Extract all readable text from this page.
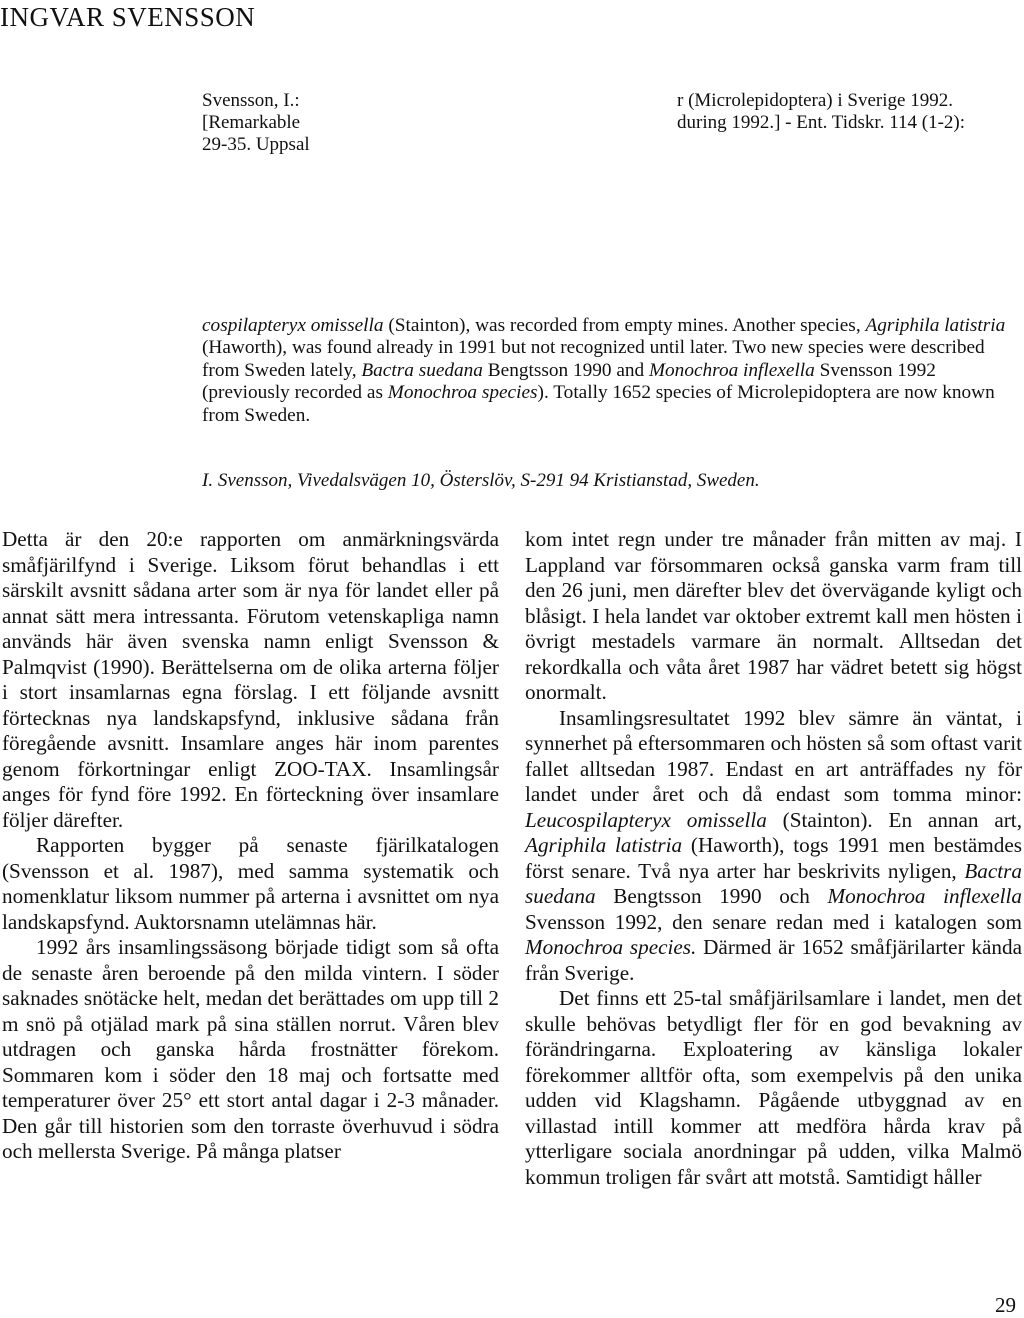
INGVAR SVENSSON
Svensson, I.:
[Remarkable
29-35. Uppsal
r (Microlepidoptera) i Sverige 1992.
during 1992.] - Ent. Tidskr. 114 (1-2):

cospilapteryx omissella (Stainton), was recorded from empty mines. Another species, Agriphila latistria (Haworth), was found already in 1991 but not recognized until later. Two new species were described from Sweden lately, Bactra suedana Bengtsson 1990 and Monochroa inflexella Svensson 1992 (previously recorded as Monochroa species). Totally 1652 species of Microlepidoptera are now known from Sweden.

I. Svensson, Vivedalsvägen 10, Österslöv, S-291 94 Kristianstad, Sweden.

Detta är den 20:e rapporten om anmärkningsvärda småfjärilfynd i Sverige. Liksom förut behandlas i ett särskilt avsnitt sådana arter som är nya för landet eller på annat sätt mera intressanta. Förutom vetenskapliga namn används här även svenska namn enligt Svensson & Palmqvist (1990). Berättelserna om de olika arterna följer i stort insamlarnas egna förslag. I ett följande avsnitt förtecknas nya landskapsfynd, inklusive sådana från föregående avsnitt. Insamlare anges här inom parentes genom förkortningar enligt ZOO-TAX. Insamlingsår anges för fynd före 1992. En förteckning över insamlare följer därefter.

Rapporten bygger på senaste fjärilkatalogen (Svensson et al. 1987), med samma systematik och nomenklatur liksom nummer på arterna i avsnittet om nya landskapsfynd. Auktorsnamn utelämnas här.

1992 års insamlingssäsong började tidigt som så ofta de senaste åren beroende på den milda vintern. I söder saknades snötäcke helt, medan det berättades om upp till 2 m snö på otjälad mark på sina ställen norrut. Våren blev utdragen och ganska hårda frostnätter förekom. Sommaren kom i söder den 18 maj och fortsatte med temperaturer över 25° ett stort antal dagar i 2-3 månader. Den går till historien som den torraste överhuvud i södra och mellersta Sverige. På många platser

kom intet regn under tre månader från mitten av maj. I Lappland var försommaren också ganska varm fram till den 26 juni, men därefter blev det övervägande kyligt och blåsigt. I hela landet var oktober extremt kall men hösten i övrigt mestadels varmare än normalt. Alltsedan det rekordkalla och våta året 1987 har vädret betett sig högst onormalt.

Insamlingsresultatet 1992 blev sämre än väntat, i synnerhet på eftersommaren och hösten så som oftast varit fallet alltsedan 1987. Endast en art anträffades ny för landet under året och då endast som tomma minor: Leucospilapteryx omissella (Stainton). En annan art, Agriphila latistria (Haworth), togs 1991 men bestämdes först senare. Två nya arter har beskrivits nyligen, Bactra suedana Bengtsson 1990 och Monochroa inflexella Svensson 1992, den senare redan med i katalogen som Monochroa species. Därmed är 1652 småfjärilarter kända från Sverige.

Det finns ett 25-tal småfjärilsamlare i landet, men det skulle behövas betydligt fler för en god bevakning av förändringarna. Exploatering av känsliga lokaler förekommer alltför ofta, som exempelvis på den unika udden vid Klagshamn. Pågående utbyggnad av en villastad intill kommer att medföra hårda krav på ytterligare sociala anordningar på udden, vilka Malmö kommun troligen får svårt att motstå. Samtidigt håller

29
